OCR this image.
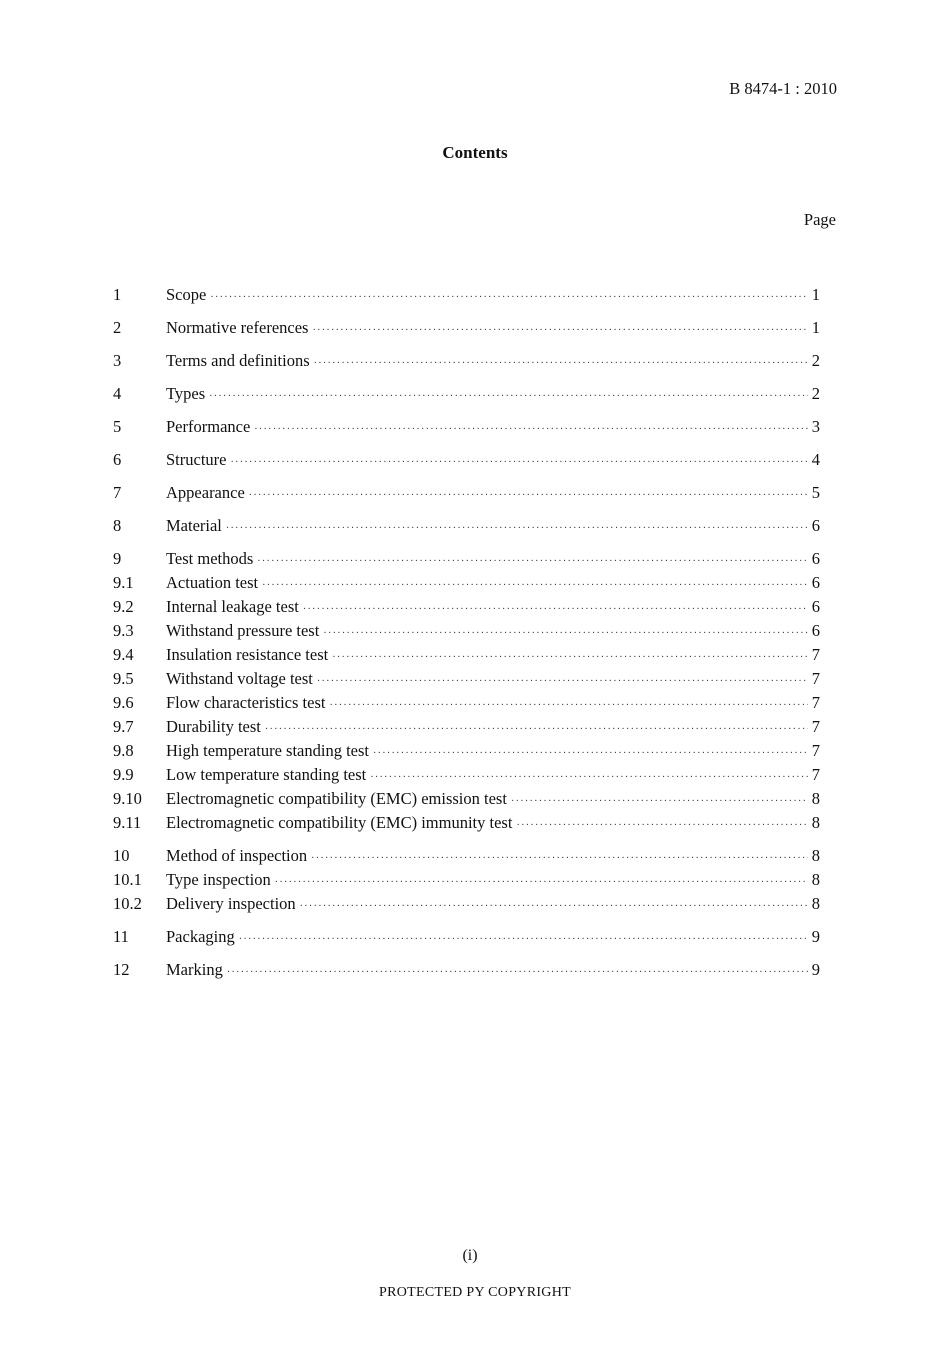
B 8474-1 : 2010
Contents
Page
1	Scope ·····	1
2	Normative references ·····	1
3	Terms and definitions ·····	2
4	Types ·····	2
5	Performance ·····	3
6	Structure ·····	4
7	Appearance ·····	5
8	Material ·····	6
9	Test methods ·····	6
9.1	Actuation test ·····	6
9.2	Internal leakage test ·····	6
9.3	Withstand pressure test ·····	6
9.4	Insulation resistance test ·····	7
9.5	Withstand voltage test ·····	7
9.6	Flow characteristics test ·····	7
9.7	Durability test ·····	7
9.8	High temperature standing test ·····	7
9.9	Low temperature standing test ·····	7
9.10	Electromagnetic compatibility (EMC) emission test ·····	8
9.11	Electromagnetic compatibility (EMC) immunity test ·····	8
10	Method of inspection ·····	8
10.1	Type inspection ·····	8
10.2	Delivery inspection ·····	8
11	Packaging ·····	9
12	Marking ·····	9
(i)
PROTECTED PY COPYRIGHT
